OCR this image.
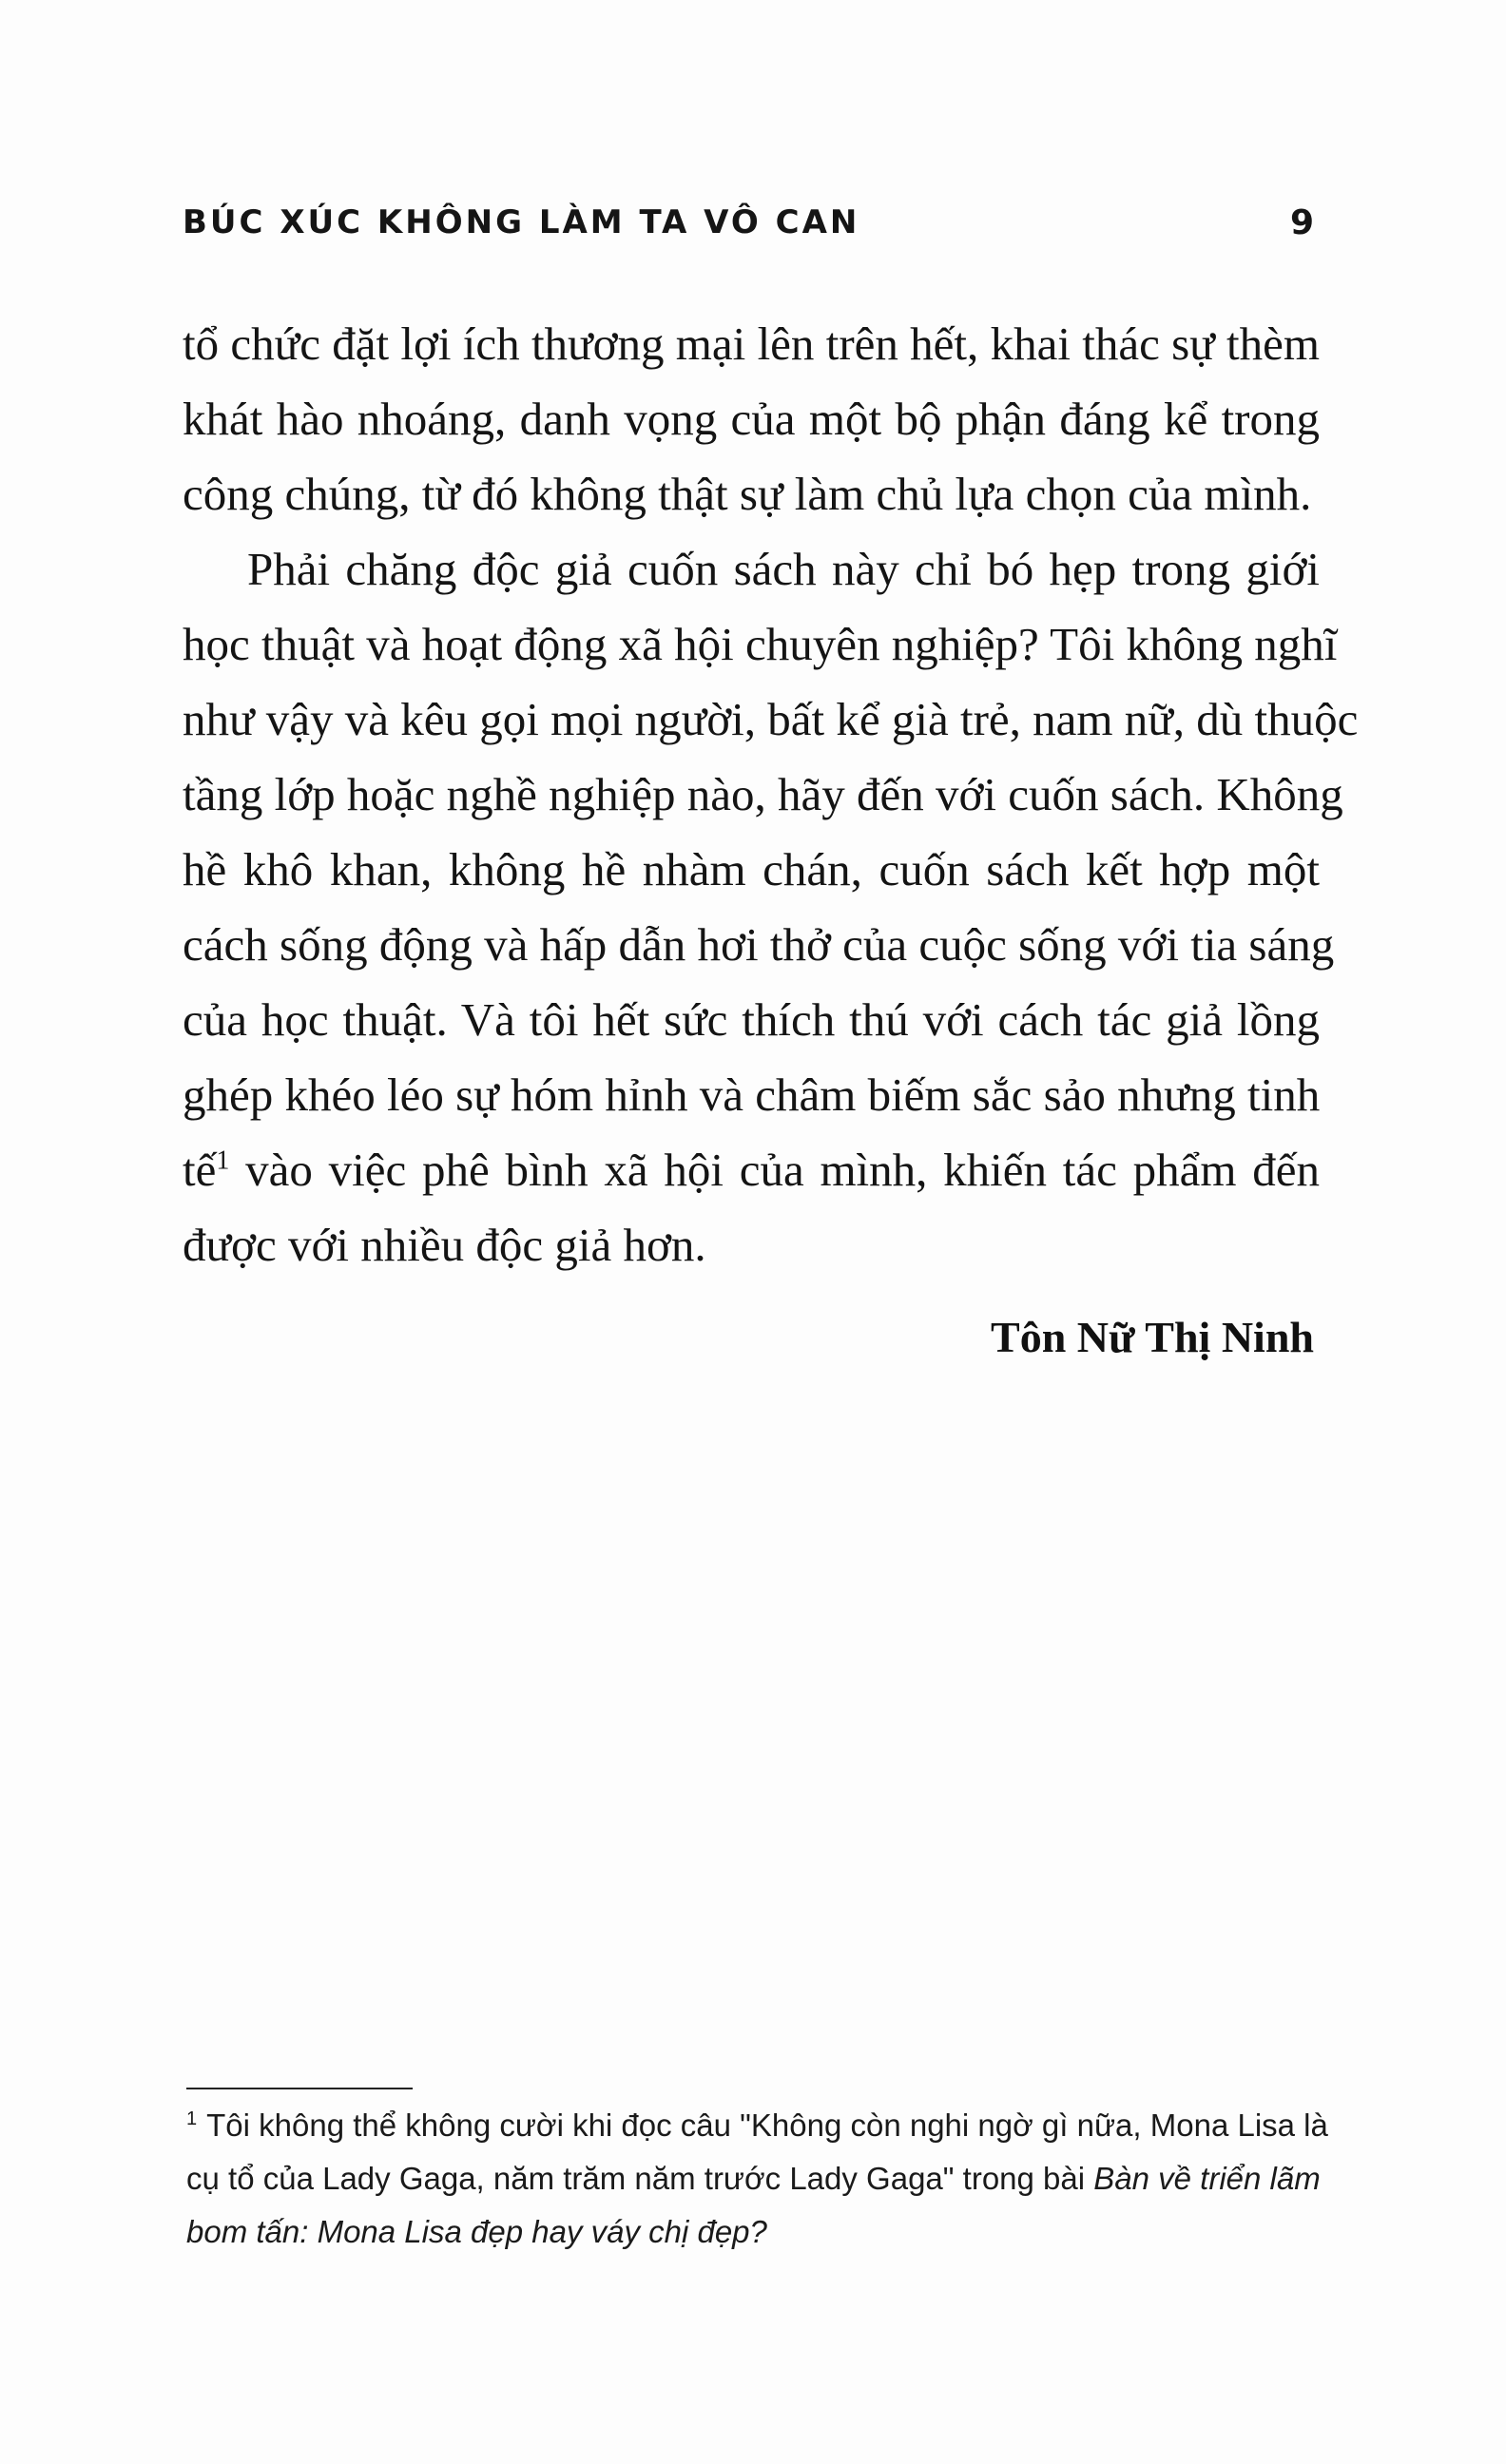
BÚC XÚC KHÔNG LÀM TA VÔ CAN	9
tổ chức đặt lợi ích thương mại lên trên hết, khai thác sự thèm
khát hào nhoáng, danh vọng của một bộ phận đáng kể trong
công chúng, từ đó không thật sự làm chủ lựa chọn của mình.
Phải chăng độc giả cuốn sách này chỉ bó hẹp trong giới
học thuật và hoạt động xã hội chuyên nghiệp? Tôi không nghĩ
như vậy và kêu gọi mọi người, bất kể già trẻ, nam nữ, dù thuộc
tầng lớp hoặc nghề nghiệp nào, hãy đến với cuốn sách. Không
hề khô khan, không hề nhàm chán, cuốn sách kết hợp một
cách sống động và hấp dẫn hơi thở của cuộc sống với tia sáng
của học thuật. Và tôi hết sức thích thú với cách tác giả lồng
ghép khéo léo sự hóm hỉnh và châm biếm sắc sảo nhưng tinh
tế$^1$ vào việc phê bình xã hội của mình, khiến tác phẩm đến
được với nhiều độc giả hơn.
Tôn Nữ Thị Ninh
$^1$ Tôi không thể không cười khi đọc câu "Không còn nghi ngờ gì nữa, Mona Lisa là
cụ tổ của Lady Gaga, năm trăm năm trước Lady Gaga" trong bài Bàn về triển lãm
bom tấn: Mona Lisa đẹp hay váy chị đẹp?
